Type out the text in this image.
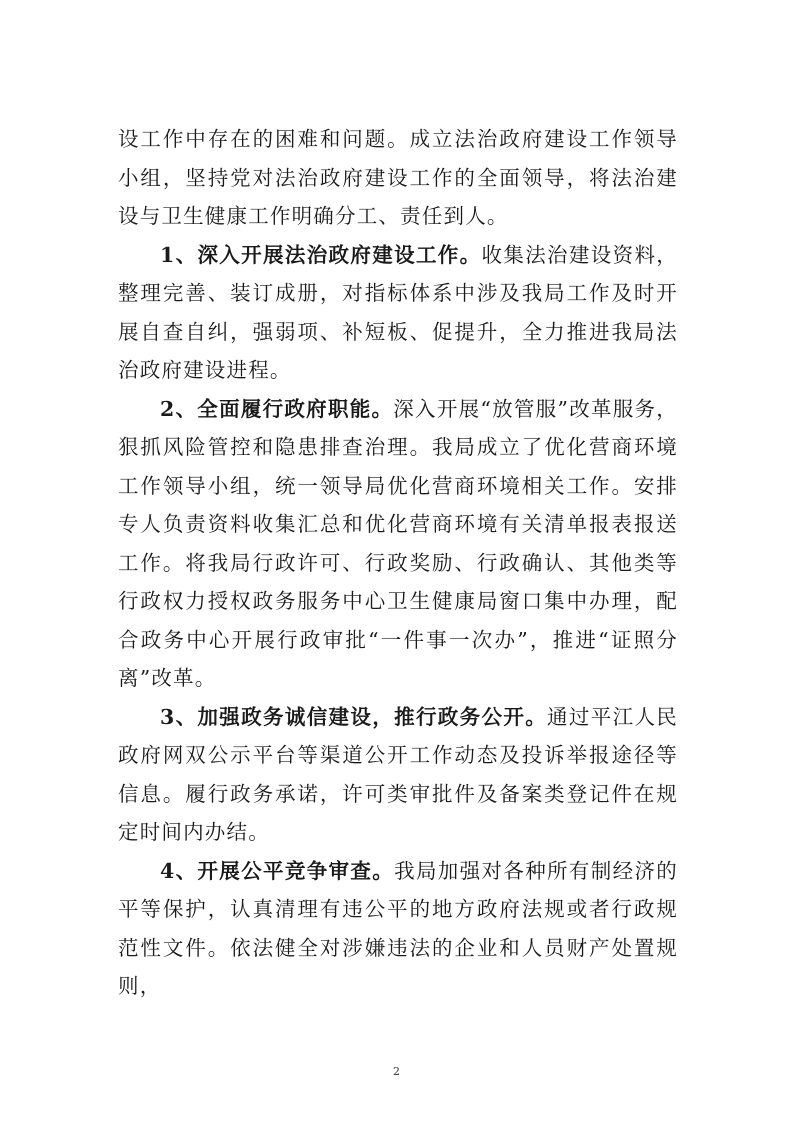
设工作中存在的困难和问题。成立法治政府建设工作领导小组，坚持党对法治政府建设工作的全面领导，将法治建设与卫生健康工作明确分工、责任到人。

1、深入开展法治政府建设工作。收集法治建设资料，整理完善、装订成册，对指标体系中涉及我局工作及时开展自查自纠，强弱项、补短板、促提升，全力推进我局法治政府建设进程。

2、全面履行政府职能。深入开展“放管服”改革服务，狠抓风险管控和隐患排查治理。我局成立了优化营商环境工作领导小组，统一领导局优化营商环境相关工作。安排专人负责资料收集汇总和优化营商环境有关清单报表报送工作。将我局行政许可、行政奖励、行政确认、其他类等行政权力授权政务服务中心卫生健康局窗口集中办理，配合政务中心开展行政审批“一件事一次办”，推进“证照分离”改革。

3、加强政务诚信建设，推行政务公开。通过平江人民政府网双公示平台等渠道公开工作动态及投诉举报途径等信息。履行政务承诺，许可类审批件及备案类登记件在规定时间内办结。

4、开展公平竞争审查。我局加强对各种所有制经济的平等保护，认真清理有违公平的地方政府法规或者行政规范性文件。依法健全对涉嫌违法的企业和人员财产处置规则，

2
